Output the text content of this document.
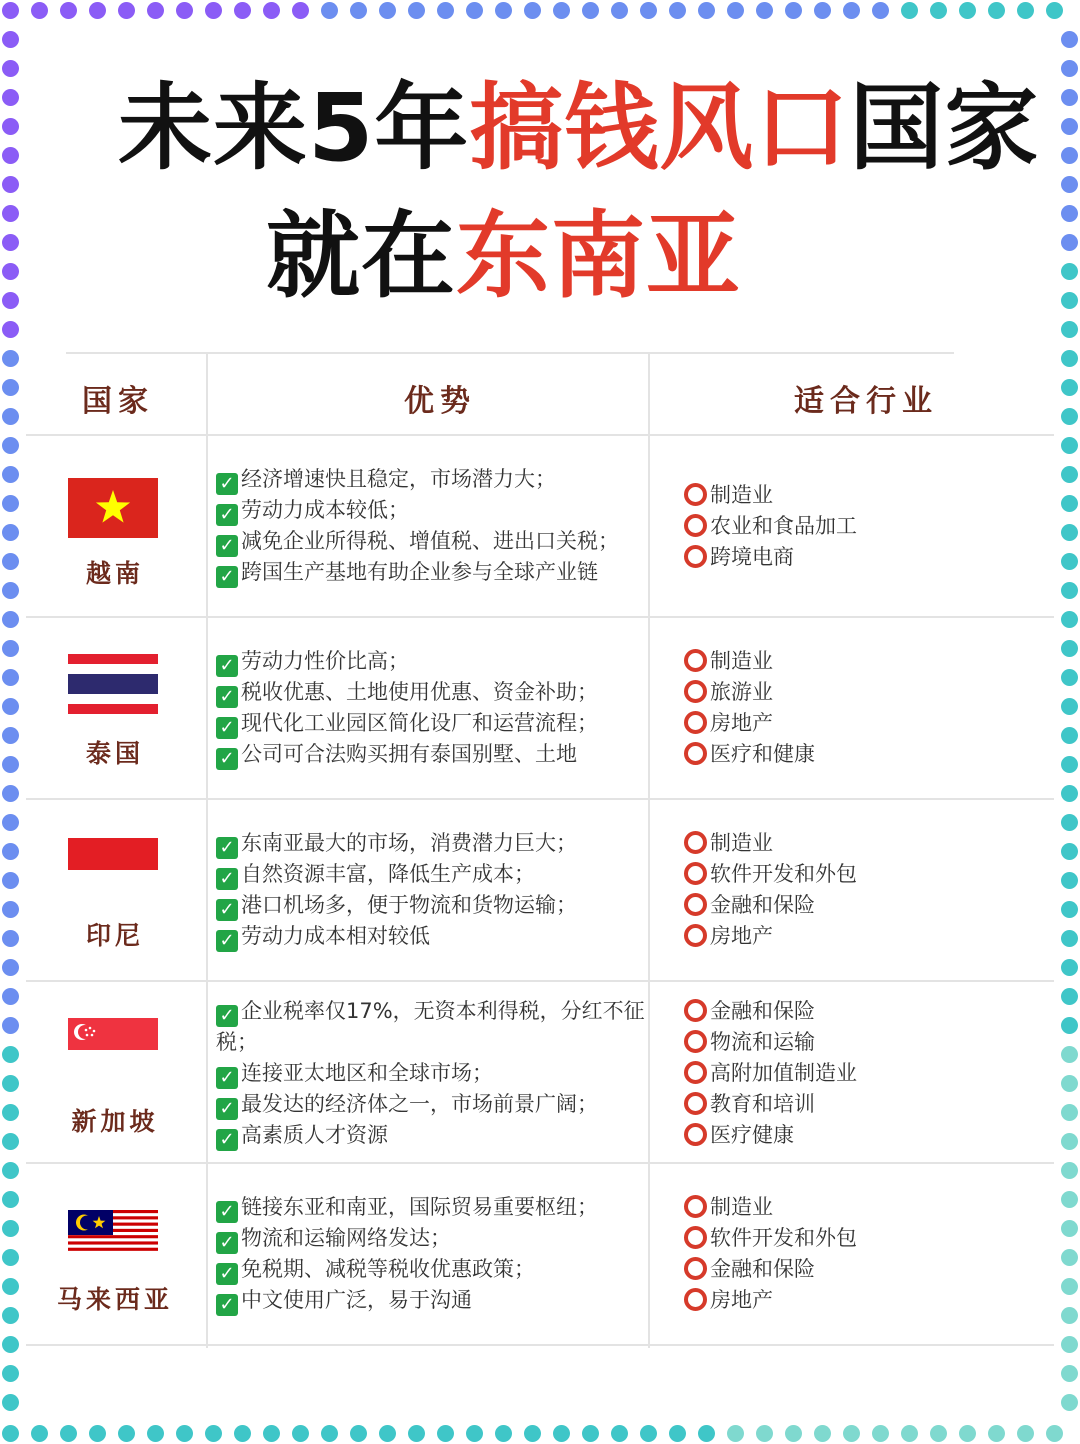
未来5年搞钱风口国家
就在东南亚
国家	优势	适合行业
越南
✓ 经济增速快且稳定，市场潜力大；
✓ 劳动力成本较低；
✓ 减免企业所得税、增值税、进出口关税；
✓ 跨国生产基地有助企业参与全球产业链
制造业
农业和食品加工
跨境电商
泰国
✓ 劳动力性价比高；
✓ 税收优惠、土地使用优惠、资金补助；
✓ 现代化工业园区简化设厂和运营流程；
✓ 公司可合法购买拥有泰国别墅、土地
制造业
旅游业
房地产
医疗和健康
印尼
✓ 东南亚最大的市场，消费潜力巨大；
✓ 自然资源丰富，降低生产成本；
✓ 港口机场多，便于物流和货物运输；
✓ 劳动力成本相对较低
制造业
软件开发和外包
金融和保险
房地产
新加坡
✓ 企业税率仅17%，无资本利得税，分红不征税；
✓ 连接亚太地区和全球市场；
✓ 最发达的经济体之一，市场前景广阔；
✓ 高素质人才资源
金融和保险
物流和运输
高附加值制造业
教育和培训
医疗健康
马来西亚
✓ 链接东亚和南亚，国际贸易重要枢纽；
✓ 物流和运输网络发达；
✓ 免税期、减税等税收优惠政策；
✓ 中文使用广泛，易于沟通
制造业
软件开发和外包
金融和保险
房地产
